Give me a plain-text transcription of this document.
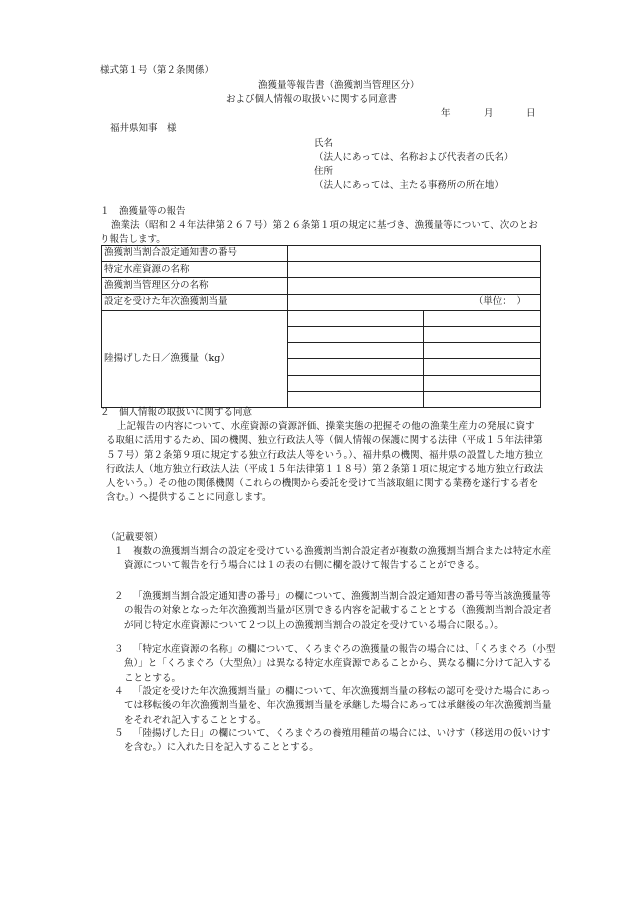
様式第１号（第２条関係）
漁獲量等報告書（漁獲割当管理区分）
および個人情報の取扱いに関する同意書
年	月	日
福井県知事　様
氏名
（法人にあっては、名称および代表者の氏名）
住所
（法人にあっては、主たる事務所の所在地）
１　漁獲量等の報告
漁業法（昭和２４年法律第２６７号）第２６条第１項の規定に基づき、漁獲量等について、次のとおり報告します。
漁獲割当割合設定通知書の番号		
特定水産資源の名称		
漁獲割当管理区分の名称		
設定を受けた年次漁獲割当量	（単位：　）	
陸揚げした日／漁獲量（kg）		

２　個人情報の取扱いに関する同意
上記報告の内容について、水産資源の資源評価、操業実態の把握その他の漁業生産力の発展に資する取組に活用するため、国の機関、独立行政法人等（個人情報の保護に関する法律（平成１５年法律第５７号）第２条第９項に規定する独立行政法人等をいう。）、福井県の機関、福井県の設置した地方独立行政法人（地方独立行政法人法（平成１５年法律第１１８号）第２条第１項に規定する地方独立行政法人をいう。）その他の関係機関（これらの機関から委託を受けて当該取組に関する業務を遂行する者を含む。）へ提供することに同意します。
（記載要領）
１ 複数の漁獲割当割合の設定を受けている漁獲割当割合設定者が複数の漁獲割当割合または特定水産資源について報告を行う場合には１の表の右側に欄を設けて報告することができる。
２ 「漁獲割当割合設定通知書の番号」の欄について、漁獲割当割合設定通知書の番号等当該漁獲量等の報告の対象となった年次漁獲割当量が区別できる内容を記載することとする（漁獲割当割合設定者が同じ特定水産資源について２つ以上の漁獲割当割合の設定を受けている場合に限る。）。
３ 「特定水産資源の名称」の欄について、くろまぐろの漁獲量の報告の場合には、「くろまぐろ（小型魚）」と「くろまぐろ（大型魚）」は異なる特定水産資源であることから、異なる欄に分けて記入することとする。
４ 「設定を受けた年次漁獲割当量」の欄について、年次漁獲割当量の移転の認可を受けた場合にあっては移転後の年次漁獲割当量を、年次漁獲割当量を承継した場合にあっては承継後の年次漁獲割当量をそれぞれ記入することとする。
５ 「陸揚げした日」の欄について、くろまぐろの養殖用種苗の場合には、いけす（移送用の仮いけすを含む。）に入れた日を記入することとする。
